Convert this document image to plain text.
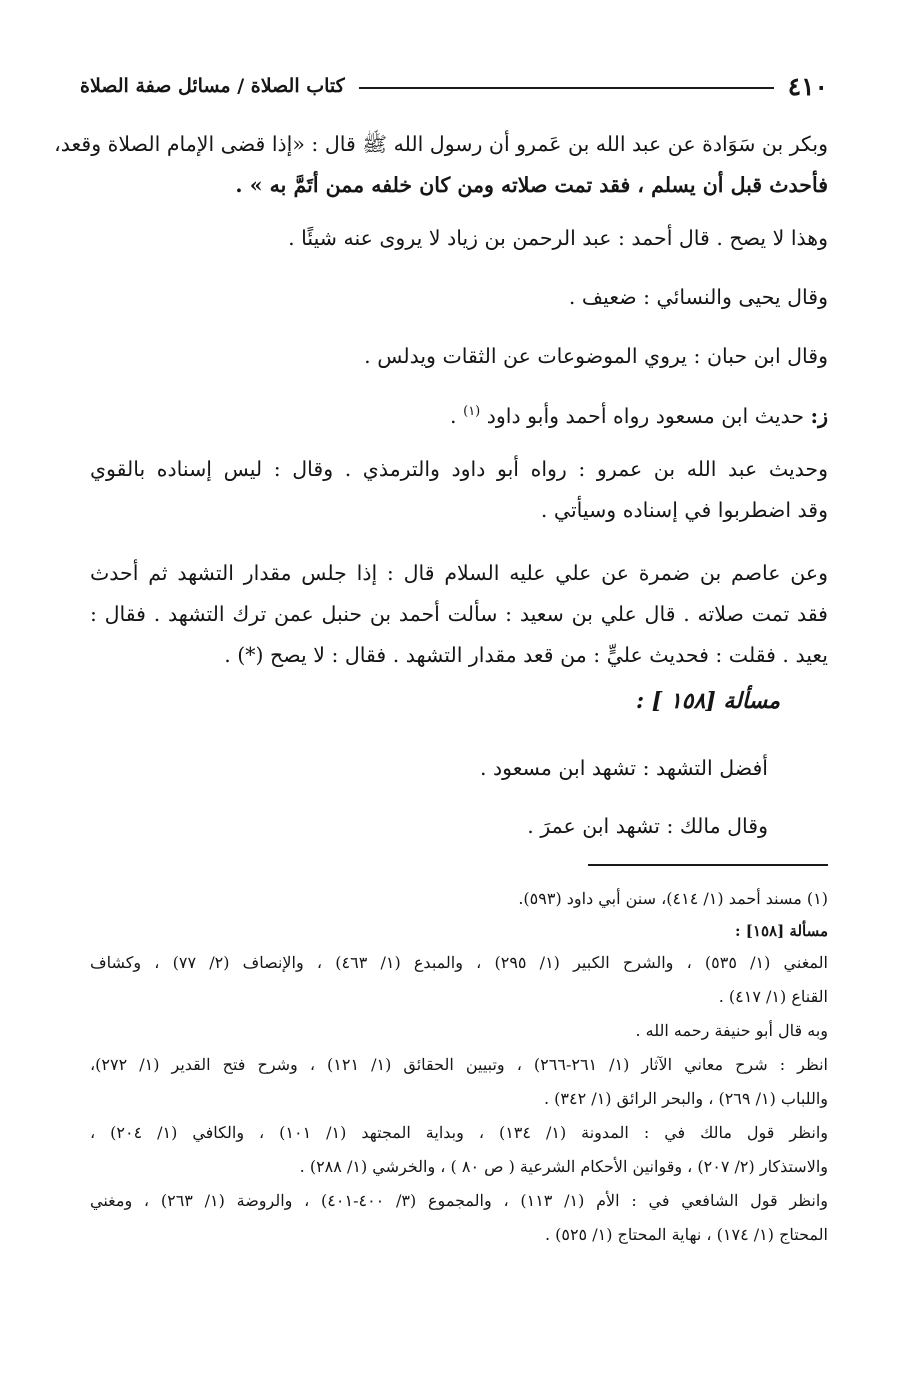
٤١٠
كتاب الصلاة / مسائل صفة الصلاة
وبكر بن سَوَادة عن عبد الله بن عَمرو أن رسول الله ﷺ قال : «إذا قضى الإمام الصلاة وقعد،
فأحدث قبل أن يسلم ، فقد تمت صلاته ومن كان خلفه ممن أتَمَّ به » .
وهذا لا يصح . قال أحمد : عبد الرحمن بن زياد لا يروى عنه شيئًا .
وقال يحيى والنسائي : ضعيف .
وقال ابن حبان : يروي الموضوعات عن الثقات ويدلس .
ز: حديث ابن مسعود رواه أحمد وأبو داود $^{(١)}$ .
وحديث عبد الله بن عمرو : رواه أبو داود والترمذي . وقال : ليس إسناده بالقوي
وقد اضطربوا في إسناده وسيأتي .
وعن عاصم بن ضمرة عن علي عليه السلام قال : إذا جلس مقدار التشهد ثم أحدث
فقد تمت صلاته . قال علي بن سعيد : سألت أحمد بن حنبل عمن ترك التشهد . فقال :
يعيد . فقلت : فحديث عليٍّ : من قعد مقدار التشهد . فقال : لا يصح (*) .
مسألة [١٥٨ ] :
أفضل التشهد : تشهد ابن مسعود .
وقال مالك : تشهد ابن عمرَ .
(١) مسند أحمد (١/ ٤١٤)، سنن أبي داود (٥٩٣).
مسألة [١٥٨] :
المغني (١/ ٥٣٥) ، والشرح الكبير (١/ ٢٩٥) ، والمبدع (١/ ٤٦٣) ، والإنصاف (٢/ ٧٧) ، وكشاف
القناع (١/ ٤١٧) .
وبه قال أبو حنيفة رحمه الله .
انظر : شرح معاني الآثار (١/ ٢٦١-٢٦٦) ، وتبيين الحقائق (١/ ١٢١) ، وشرح فتح القدير (١/ ٢٧٢)،
واللباب (١/ ٢٦٩) ، والبحر الرائق (١/ ٣٤٢) .
وانظر قول مالك في : المدونة (١/ ١٣٤) ، وبداية المجتهد (١/ ١٠١) ، والكافي (١/ ٢٠٤) ،
والاستذكار (٢/ ٢٠٧) ، وقوانين الأحكام الشرعية ( ص ٨٠ ) ، والخرشي (١/ ٢٨٨) .
وانظر قول الشافعي في : الأم (١/ ١١٣) ، والمجموع (٣/ ٤٠٠-٤٠١) ، والروضة (١/ ٢٦٣) ، ومغني
المحتاج (١/ ١٧٤) ، نهاية المحتاج (١/ ٥٢٥) .
